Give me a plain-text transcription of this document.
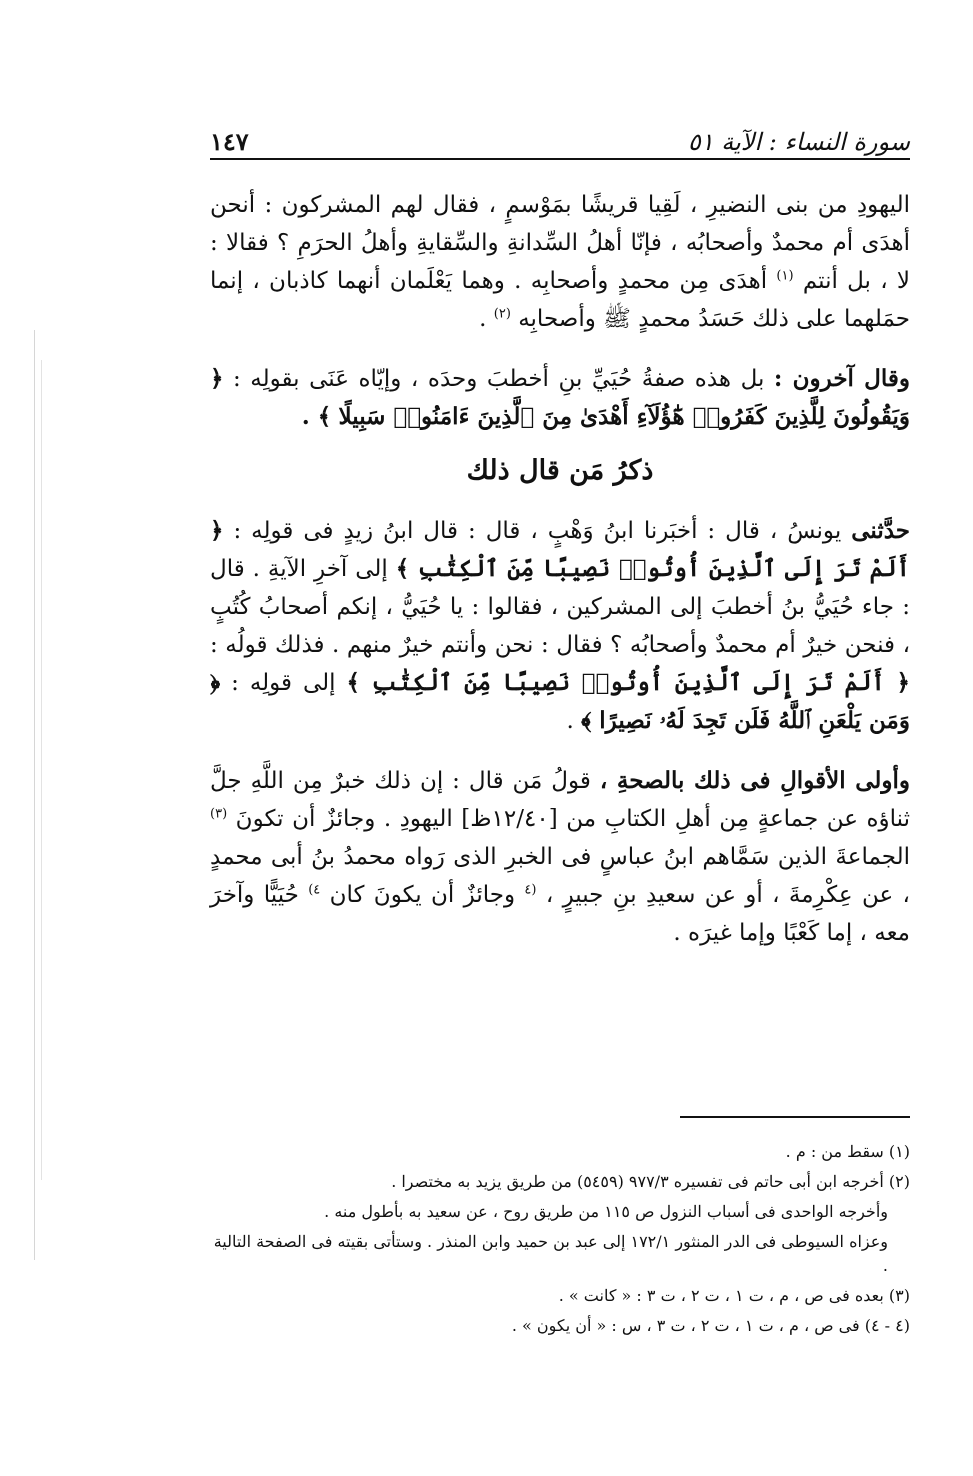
سورة النساء : الآية ٥١
١٤٧

اليهودِ من بنى النضيرِ ، لَقِيا قريشًا بمَوْسمٍ ، فقال لهم المشركون : أنحن أهدَى أم محمدٌ وأصحابُه ، فإنّا أهلُ السِّدانةِ والسِّقايةِ وأهلُ الحرَمِ ؟ فقالا : لا ، بل أنتم $^{(١)}$ أهدَى مِن محمدٍ وأصحابِه . وهما يَعْلَمان أنهما كاذبان ، إنما حمَلهما على ذلك حَسَدُ محمدٍ ﷺ وأصحابِه $^{(٢)}$ .

وقال آخرون : بل هذه صفةُ حُيَيِّ بنِ أخطبَ وحدَه ، وإيّاه عَنَى بقولِه : ﴿ وَيَقُولُونَ لِلَّذِينَ كَفَرُوا۟ هَٰٓؤُلَآءِ أَهْدَىٰ مِنَ ٱلَّذِينَ ءَامَنُوا۟ سَبِيلًا ﴾ .

ذكرُ مَن قال ذلك

حدَّثنى يونسُ ، قال : أخبَرنا ابنُ وَهْبٍ ، قال : قال ابنُ زيدٍ فى قولِه : ﴿ أَلَمْ تَرَ إِلَى ٱلَّذِينَ أُوتُوا۟ نَصِيبًا مِّنَ ٱلْكِتَٰبِ ﴾ إلى آخرِ الآيةِ . قال : جاء حُيَيُّ بنُ أخطبَ إلى المشركين ، فقالوا : يا حُيَيُّ ، إنكم أصحابُ كُتُبٍ ، فنحن خيرٌ أم محمدٌ وأصحابُه ؟ فقال : نحن وأنتم خيرٌ منهم . فذلك قولُه : ﴿ أَلَمْ تَرَ إِلَى ٱلَّذِينَ أُوتُوا۟ نَصِيبًا مِّنَ ٱلْكِتَٰبِ ﴾ إلى قولِه : ﴿ وَمَن يَلْعَنِ ٱللَّهُ فَلَن تَجِدَ لَهُۥ نَصِيرًا ﴾ .

وأولى الأقوالِ فى ذلك بالصحةِ ، قولُ مَن قال : إن ذلك خبرٌ مِن اللَّهِ جلَّ ثناؤه عن جماعةٍ مِن أهلِ الكتابِ من [١٢/٤٠ظ] اليهودِ . وجائزٌ أن تكونَ $^{(٣)}$ الجماعةَ الذين سَمَّاهم ابنُ عباسٍ فى الخبرِ الذى رَواه محمدُ بنُ أبى محمدٍ ، عن عِكْرِمةَ ، أو عن سعيدِ بنِ جبيرٍ ، $^{(٤}$ وجائزٌ أن يكونَ كان $^{٤)}$ حُيَيًّا وآخرَ معه ، إما كَعْبًا وإما غيرَه .

(١) سقط من : م .
(٢) أخرجه ابن أبى حاتم فى تفسيره ٩٧٧/٣ (٥٤٥٩) من طريق يزيد به مختصرا .
وأخرجه الواحدى فى أسباب النزول ص ١١٥ من طريق روح ، عن سعيد به بأطول منه .
وعزاه السيوطى فى الدر المنثور ١٧٢/١ إلى عبد بن حميد وابن المنذر . وستأتى بقيته فى الصفحة التالية .
(٣) بعده فى ص ، م ، ت ١ ، ت ٢ ، ت ٣ : « كانت » .
(٤ - ٤) فى ص ، م ، ت ١ ، ت ٢ ، ت ٣ ، س : « أن يكون » .
